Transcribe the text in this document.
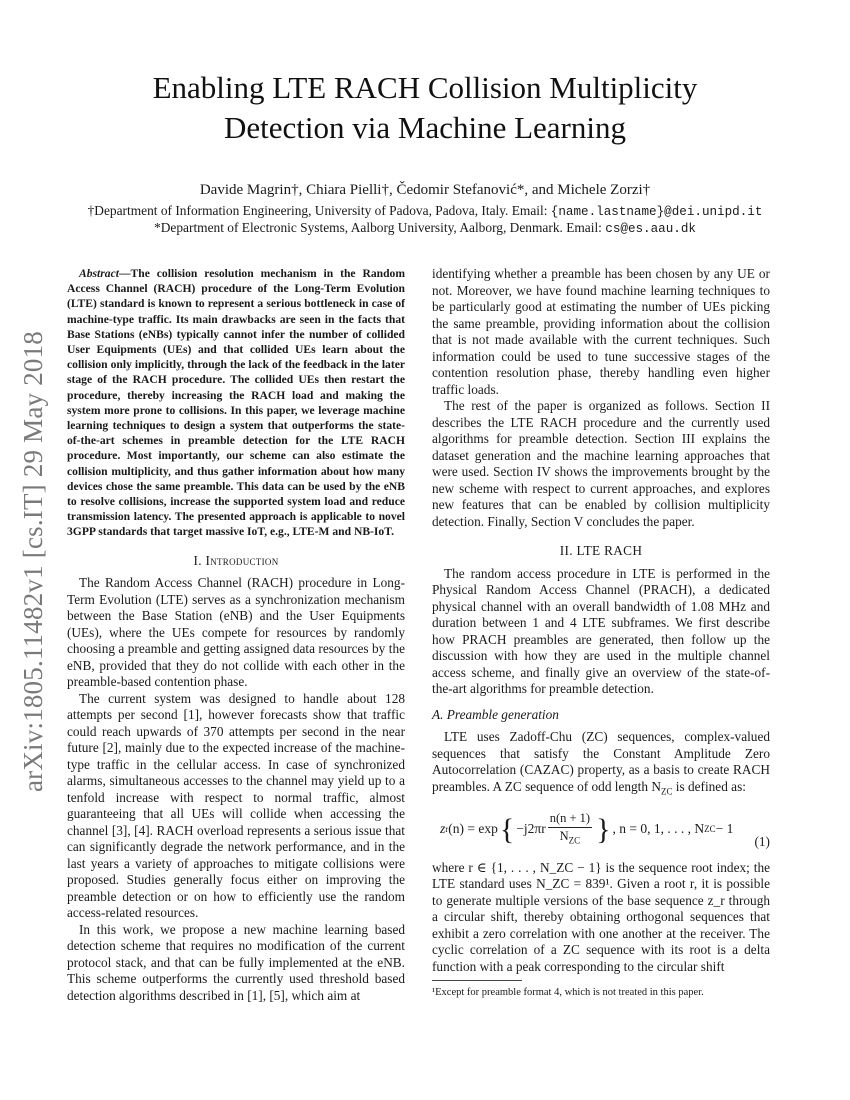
arXiv:1805.11482v1 [cs.IT] 29 May 2018
Enabling LTE RACH Collision Multiplicity
Detection via Machine Learning
Davide Magrin†, Chiara Pielli†, Čedomir Stefanović*, and Michele Zorzi†
†Department of Information Engineering, University of Padova, Padova, Italy. Email: {name.lastname}@dei.unipd.it
*Department of Electronic Systems, Aalborg University, Aalborg, Denmark. Email: cs@es.aau.dk

Abstract—The collision resolution mechanism in the Random Access Channel (RACH) procedure of the Long-Term Evolution (LTE) standard is known to represent a serious bottleneck in case of machine-type traffic. Its main drawbacks are seen in the facts that Base Stations (eNBs) typically cannot infer the number of collided User Equipments (UEs) and that collided UEs learn about the collision only implicitly, through the lack of the feedback in the later stage of the RACH procedure. The collided UEs then restart the procedure, thereby increasing the RACH load and making the system more prone to collisions. In this paper, we leverage machine learning techniques to design a system that outperforms the state-of-the-art schemes in preamble detection for the LTE RACH procedure. Most importantly, our scheme can also estimate the collision multiplicity, and thus gather information about how many devices chose the same preamble. This data can be used by the eNB to resolve collisions, increase the supported system load and reduce transmission latency. The presented approach is applicable to novel 3GPP standards that target massive IoT, e.g., LTE-M and NB-IoT.

I. Introduction

The Random Access Channel (RACH) procedure in Long-Term Evolution (LTE) serves as a synchronization mechanism between the Base Station (eNB) and the User Equipments (UEs), where the UEs compete for resources by randomly choosing a preamble and getting assigned data resources by the eNB, provided that they do not collide with each other in the preamble-based contention phase.

The current system was designed to handle about 128 attempts per second [1], however forecasts show that traffic could reach upwards of 370 attempts per second in the near future [2], mainly due to the expected increase of the machine-type traffic in the cellular access. In case of synchronized alarms, simultaneous accesses to the channel may yield up to a tenfold increase with respect to normal traffic, almost guaranteeing that all UEs will collide when accessing the channel [3], [4]. RACH overload represents a serious issue that can significantly degrade the network performance, and in the last years a variety of approaches to mitigate collisions were proposed. Studies generally focus either on improving the preamble detection or on how to efficiently use the random access-related resources.

In this work, we propose a new machine learning based detection scheme that requires no modification of the current protocol stack, and that can be fully implemented at the eNB. This scheme outperforms the currently used threshold based detection algorithms described in [1], [5], which aim at

identifying whether a preamble has been chosen by any UE or not. Moreover, we have found machine learning techniques to be particularly good at estimating the number of UEs picking the same preamble, providing information about the collision that is not made available with the current techniques. Such information could be used to tune successive stages of the contention resolution phase, thereby handling even higher traffic loads.

The rest of the paper is organized as follows. Section II describes the LTE RACH procedure and the currently used algorithms for preamble detection. Section III explains the dataset generation and the machine learning approaches that were used. Section IV shows the improvements brought by the new scheme with respect to current approaches, and explores new features that can be enabled by collision multiplicity detection. Finally, Section V concludes the paper.

II. LTE RACH

The random access procedure in LTE is performed in the Physical Random Access Channel (PRACH), a dedicated physical channel with an overall bandwidth of 1.08 MHz and duration between 1 and 4 LTE subframes. We first describe how PRACH preambles are generated, then follow up the discussion with how they are used in the multiple channel access scheme, and finally give an overview of the state-of-the-art algorithms for preamble detection.

A. Preamble generation

LTE uses Zadoff-Chu (ZC) sequences, complex-valued sequences that satisfy the Constant Amplitude Zero Autocorrelation (CAZAC) property, as a basis to create RACH preambles. A ZC sequence of odd length $N_{ZC}$ is defined as:

z r (n) = exp { $-j2\pi r \frac{n(n + 1)}{N_{ZC}}$ } , n = 0, 1, . . . , N ZC − 1
(1)

where r ∈ {1, . . . , N_ZC − 1} is the sequence root index; the LTE standard uses N_ZC = 839¹. Given a root r, it is possible to generate multiple versions of the base sequence z_r through a circular shift, thereby obtaining orthogonal sequences that exhibit a zero correlation with one another at the receiver. The cyclic correlation of a ZC sequence with its root is a delta function with a peak corresponding to the circular shift

¹Except for preamble format 4, which is not treated in this paper.
